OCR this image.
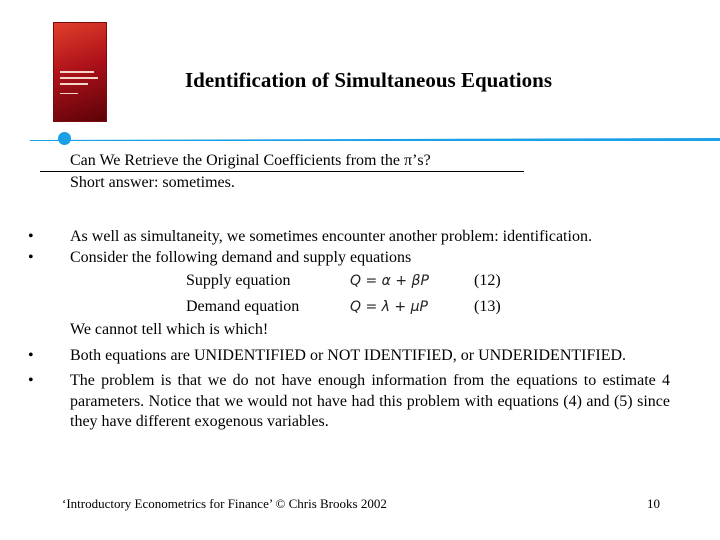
Identification of Simultaneous Equations
Can We Retrieve the Original Coefficients from the π’s?
Short answer: sometimes.
• As well as simultaneity, we sometimes encounter another problem: identification.
• Consider the following demand and supply equations
Supply equation	Q = α + βP	(12)
Demand equation	Q = λ + μP	(13)
We cannot tell which is which!
• Both equations are UNIDENTIFIED or NOT IDENTIFIED, or UNDERIDENTIFIED.
• The problem is that we do not have enough information from the equations to estimate 4 parameters. Notice that we would not have had this problem with equations (4) and (5) since they have different exogenous variables.
‘Introductory Econometrics for Finance’ © Chris Brooks 2002	10
